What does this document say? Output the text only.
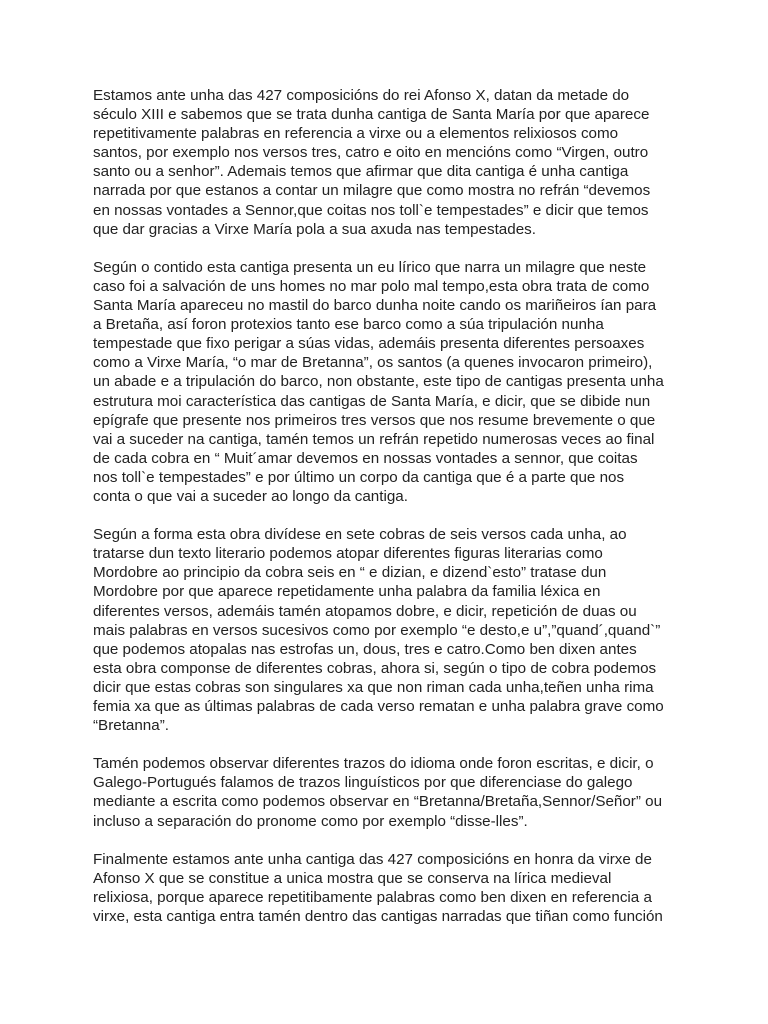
Estamos ante unha das 427 composicións do rei Afonso X, datan da metade do
século XIII e sabemos que se trata dunha cantiga de Santa María por que aparece
repetitivamente palabras en referencia a virxe ou a elementos relixiosos como
santos, por exemplo nos versos tres, catro e oito en mencións como “Virgen, outro
santo ou a senhor”. Ademais temos que afirmar que dita cantiga é unha cantiga
narrada por que estanos a contar un milagre que como mostra no refrán “devemos
en nossas vontades a Sennor,que coitas nos toll`e tempestades” e dicir que temos
que dar gracias a Virxe María pola a sua axuda nas tempestades.

Según o contido esta cantiga presenta un eu lírico que narra un milagre que neste
caso foi a salvación de uns homes no mar polo mal tempo,esta obra trata de como
Santa María apareceu no mastil do barco dunha noite cando os mariñeiros ían para
a Bretaña, así foron protexios tanto ese barco como a súa tripulación nunha
tempestade que fixo perigar a súas vidas, ademáis presenta diferentes persoaxes
como a Virxe María, “o mar de Bretanna”, os santos (a quenes invocaron primeiro),
un abade e a tripulación do barco, non obstante, este tipo de cantigas presenta unha
estrutura moi característica das cantigas de Santa María, e dicir, que se dibide nun
epígrafe que presente nos primeiros tres versos que nos resume brevemente o que
vai a suceder na cantiga, tamén temos un refrán repetido numerosas veces ao final
de cada cobra en “ Muit´amar devemos en nossas vontades a sennor, que coitas
nos toll`e tempestades” e por último un corpo da cantiga que é a parte que nos
conta o que vai a suceder ao longo da cantiga.

Según a forma esta obra divídese en sete cobras de seis versos cada unha, ao
tratarse dun texto literario podemos atopar diferentes figuras literarias como
Mordobre ao principio da cobra seis en “ e dizian, e dizend`esto” tratase dun
Mordobre por que aparece repetidamente unha palabra da familia léxica en
diferentes versos, ademáis tamén atopamos dobre, e dicir, repetición de duas ou
mais palabras en versos sucesivos como por exemplo “e desto,e u”,”quand´,quand`”
que podemos atopalas nas estrofas un, dous, tres e catro.Como ben dixen antes
esta obra componse de diferentes cobras, ahora si, según o tipo de cobra podemos
dicir que estas cobras son singulares xa que non riman cada unha,teñen unha rima
femia xa que as últimas palabras de cada verso rematan e unha palabra grave como
“Bretanna”.

Tamén podemos observar diferentes trazos do idioma onde foron escritas, e dicir, o
Galego-Portugués falamos de trazos linguísticos por que diferenciase do galego
mediante a escrita como podemos observar en “Bretanna/Bretaña,Sennor/Señor” ou
incluso a separación do pronome como por exemplo “disse-lles”.

Finalmente estamos ante unha cantiga das 427 composicións en honra da virxe de
Afonso X que se constitue a unica mostra que se conserva na lírica medieval
relixiosa, porque aparece repetitibamente palabras como ben dixen en referencia a
virxe, esta cantiga entra tamén dentro das cantigas narradas que tiñan como función
